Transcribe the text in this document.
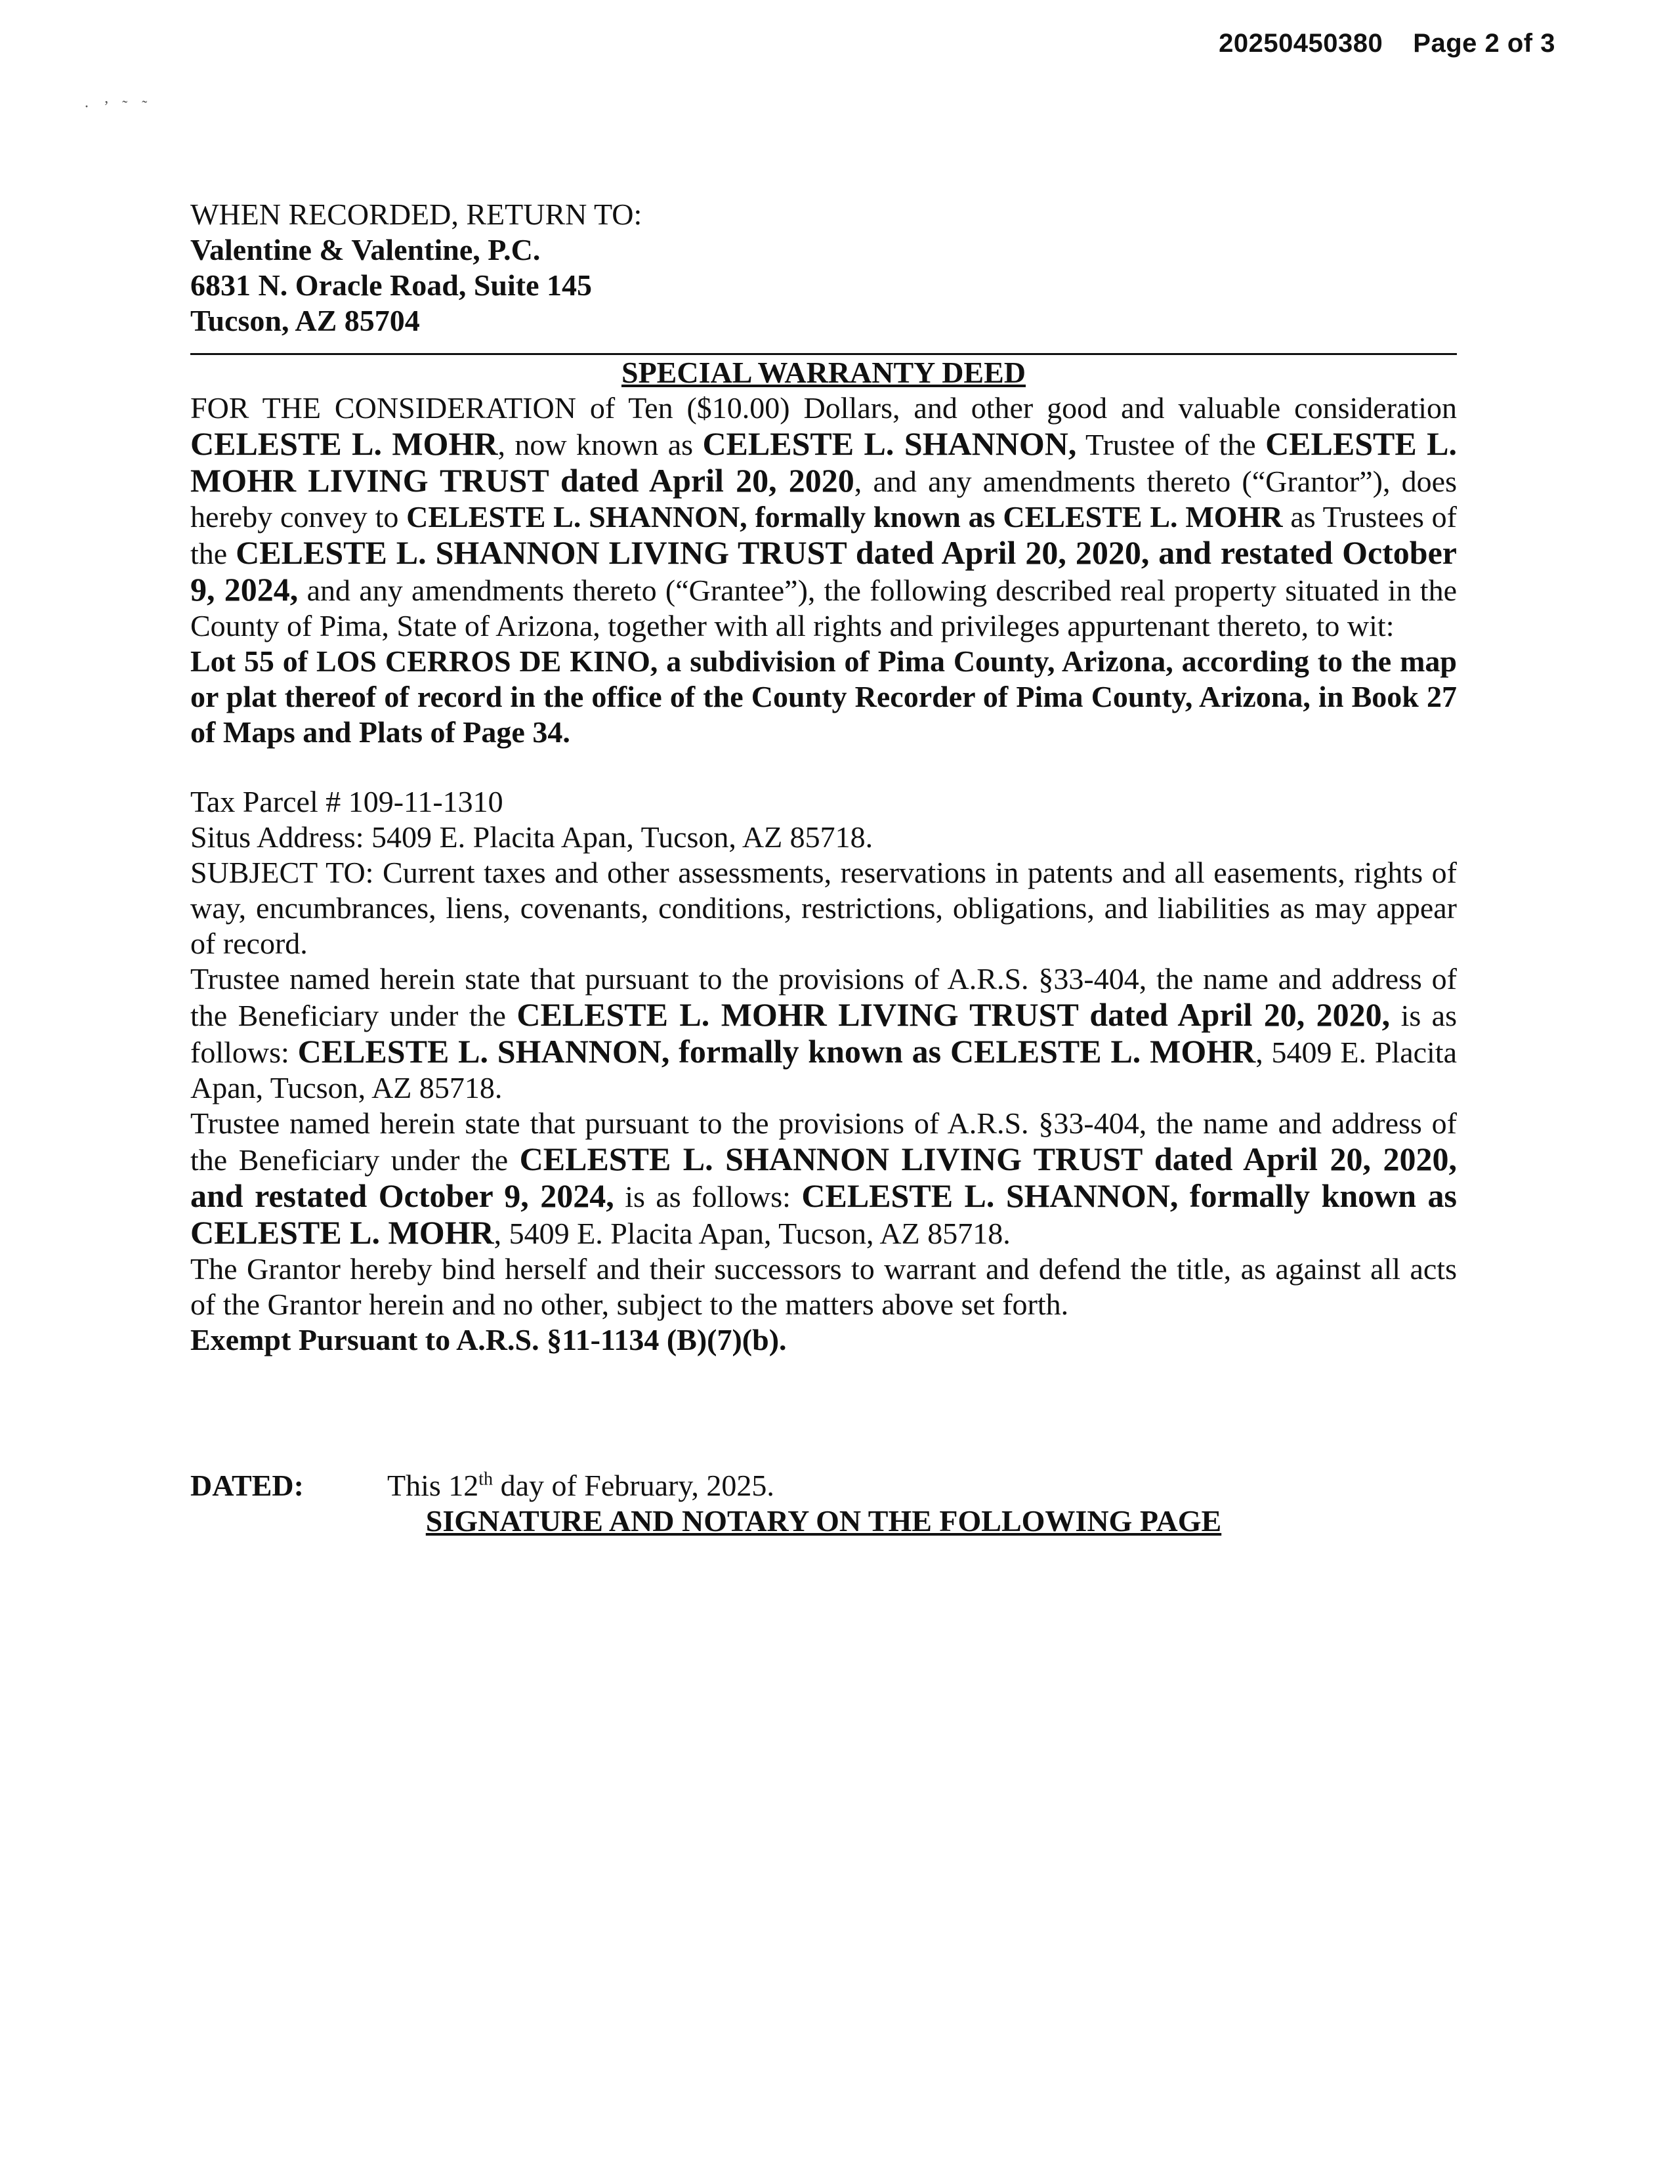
20250450380 Page 2 of 3
· ’ ˜ ˜

WHEN RECORDED, RETURN TO:

Valentine & Valentine, P.C.

6831 N. Oracle Road, Suite 145

Tucson, AZ 85704

SPECIAL WARRANTY DEED

FOR THE CONSIDERATION of Ten ($10.00) Dollars, and other good and valuable consideration CELESTE L. MOHR, now known as CELESTE L. SHANNON, Trustee of the CELESTE L. MOHR LIVING TRUST dated April 20, 2020, and any amendments thereto (“Grantor”), does hereby convey to CELESTE L. SHANNON, formally known as CELESTE L. MOHR as Trustees of the CELESTE L. SHANNON LIVING TRUST dated April 20, 2020, and restated October 9, 2024, and any amendments thereto (“Grantee”), the following described real property situated in the County of Pima, State of Arizona, together with all rights and privileges appurtenant thereto, to wit:

Lot 55 of LOS CERROS DE KINO, a subdivision of Pima County, Arizona, according to the map or plat thereof of record in the office of the County Recorder of Pima County, Arizona, in Book 27 of Maps and Plats of Page 34.

Tax Parcel # 109-11-1310

Situs Address: 5409 E. Placita Apan, Tucson, AZ 85718.

SUBJECT TO: Current taxes and other assessments, reservations in patents and all easements, rights of way, encumbrances, liens, covenants, conditions, restrictions, obligations, and liabilities as may appear of record.

Trustee named herein state that pursuant to the provisions of A.R.S. §33-404, the name and address of the Beneficiary under the CELESTE L. MOHR LIVING TRUST dated April 20, 2020, is as follows: CELESTE L. SHANNON, formally known as CELESTE L. MOHR, 5409 E. Placita Apan, Tucson, AZ 85718.

Trustee named herein state that pursuant to the provisions of A.R.S. §33-404, the name and address of the Beneficiary under the CELESTE L. SHANNON LIVING TRUST dated April 20, 2020, and restated October 9, 2024, is as follows: CELESTE L. SHANNON, formally known as CELESTE L. MOHR, 5409 E. Placita Apan, Tucson, AZ 85718.

The Grantor hereby bind herself and their successors to warrant and defend the title, as against all acts of the Grantor herein and no other, subject to the matters above set forth.

Exempt Pursuant to A.R.S. §11-1134 (B)(7)(b).

DATED:	This 12th day of February, 2025.

SIGNATURE AND NOTARY ON THE FOLLOWING PAGE
